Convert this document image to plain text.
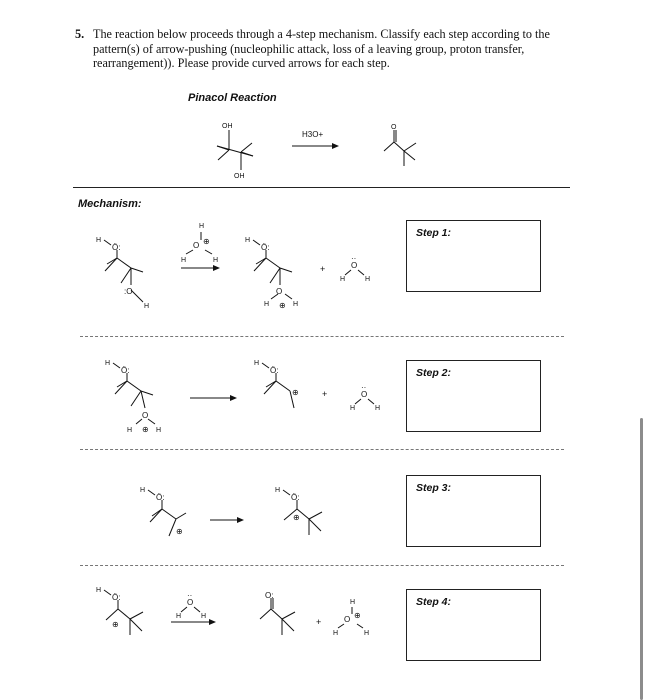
5. The reaction below proceeds through a 4-step mechanism. Classify each step according to the pattern(s) of arrow-pushing (nucleophilic attack, loss of a leaving group, proton transfer, rearrangement)). Please provide curved arrows for each step.
Pinacol Reaction
Mechanism:
Step 1:
Step 2:
Step 3:
Step 4:
OH
OH
H3O+
O
H
Ö:
:O
H
H
O ⊕
H	H
H
Ö:
O
⊕
H	H
+	O
··
H	H
H
Ö:
O
⊕
H	H
H
Ö:
⊕	+	O
··
H	H
H
Ö:
⊕
H
Ö:
⊕
H
Ö:
⊕
O
··
H	H
O:
+
H
O ⊕
H	H
